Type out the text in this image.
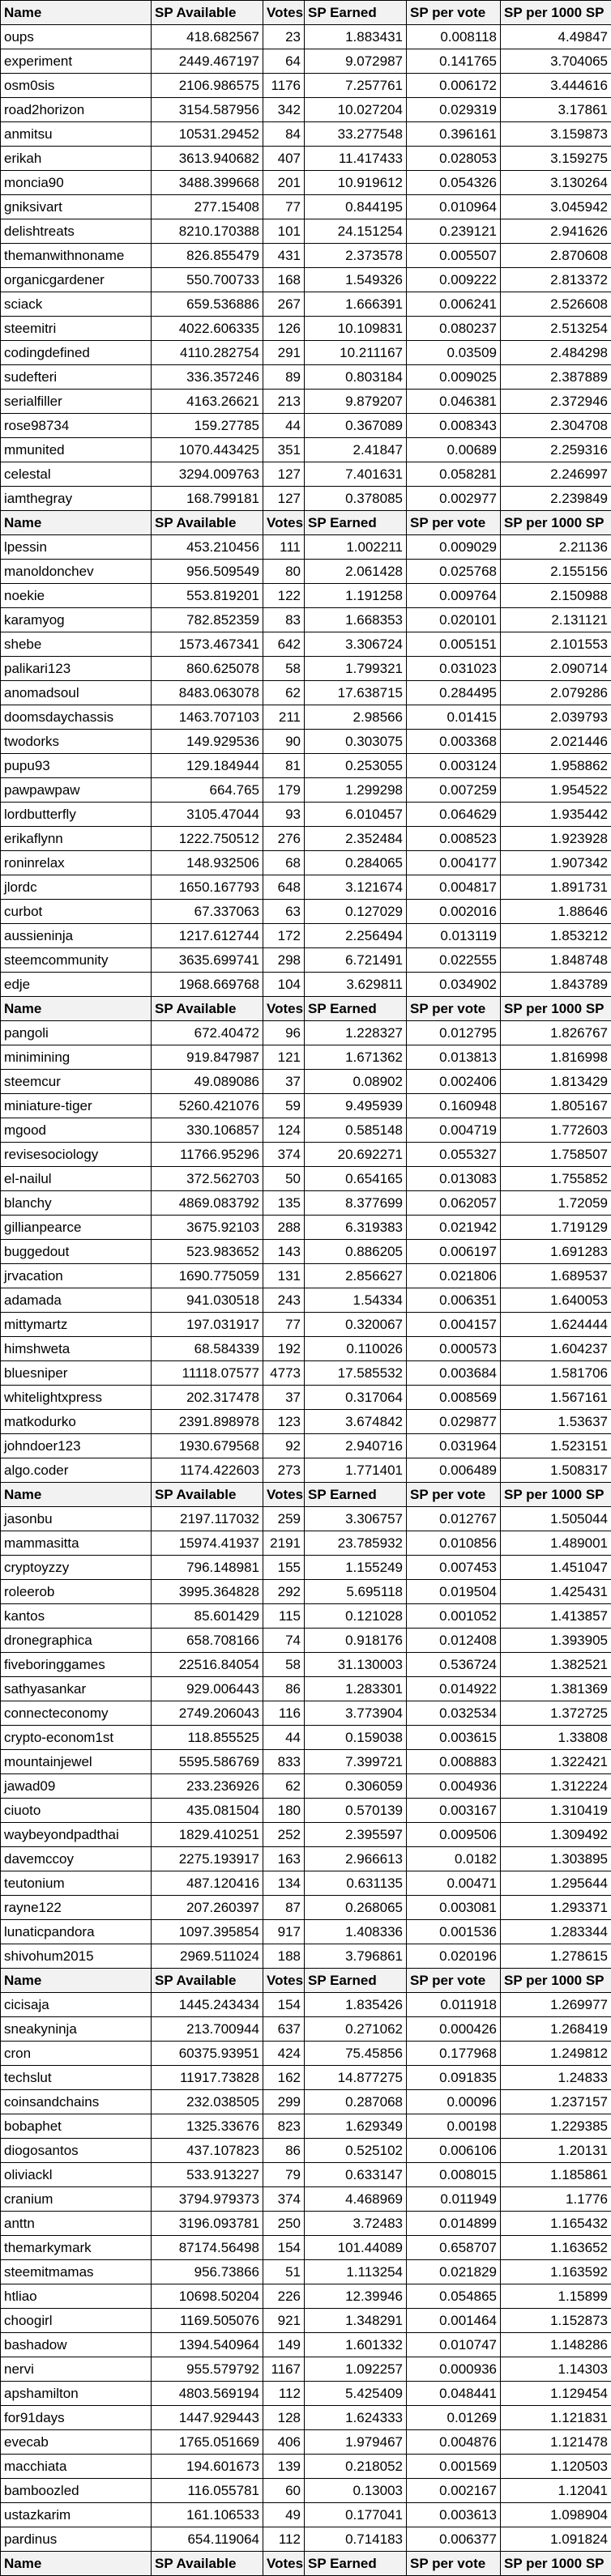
Name	SP Available	Votes	SP Earned	SP per vote	SP per 1000 SP
oups	418.682567	23	1.883431	0.008118	4.49847
experiment	2449.467197	64	9.072987	0.141765	3.704065
osm0sis	2106.986575	1176	7.257761	0.006172	3.444616
road2horizon	3154.587956	342	10.027204	0.029319	3.17861
anmitsu	10531.29452	84	33.277548	0.396161	3.159873
erikah	3613.940682	407	11.417433	0.028053	3.159275
moncia90	3488.399668	201	10.919612	0.054326	3.130264
gniksivart	277.15408	77	0.844195	0.010964	3.045942
delishtreats	8210.170388	101	24.151254	0.239121	2.941626
themanwithnoname	826.855479	431	2.373578	0.005507	2.870608
organicgardener	550.700733	168	1.549326	0.009222	2.813372
sciack	659.536886	267	1.666391	0.006241	2.526608
steemitri	4022.606335	126	10.109831	0.080237	2.513254
codingdefined	4110.282754	291	10.211167	0.03509	2.484298
sudefteri	336.357246	89	0.803184	0.009025	2.387889
serialfiller	4163.26621	213	9.879207	0.046381	2.372946
rose98734	159.27785	44	0.367089	0.008343	2.304708
mmunited	1070.443425	351	2.41847	0.00689	2.259316
celestal	3294.009763	127	7.401631	0.058281	2.246997
iamthegray	168.799181	127	0.378085	0.002977	2.239849
Name	SP Available	Votes	SP Earned	SP per vote	SP per 1000 SP
lpessin	453.210456	111	1.002211	0.009029	2.21136
manoldonchev	956.509549	80	2.061428	0.025768	2.155156
noekie	553.819201	122	1.191258	0.009764	2.150988
karamyog	782.852359	83	1.668353	0.020101	2.131121
shebe	1573.467341	642	3.306724	0.005151	2.101553
palikari123	860.625078	58	1.799321	0.031023	2.090714
anomadsoul	8483.063078	62	17.638715	0.284495	2.079286
doomsdaychassis	1463.707103	211	2.98566	0.01415	2.039793
twodorks	149.929536	90	0.303075	0.003368	2.021446
pupu93	129.184944	81	0.253055	0.003124	1.958862
pawpawpaw	664.765	179	1.299298	0.007259	1.954522
lordbutterfly	3105.47044	93	6.010457	0.064629	1.935442
erikaflynn	1222.750512	276	2.352484	0.008523	1.923928
roninrelax	148.932506	68	0.284065	0.004177	1.907342
jlordc	1650.167793	648	3.121674	0.004817	1.891731
curbot	67.337063	63	0.127029	0.002016	1.88646
aussieninja	1217.612744	172	2.256494	0.013119	1.853212
steemcommunity	3635.699741	298	6.721491	0.022555	1.848748
edje	1968.669768	104	3.629811	0.034902	1.843789
Name	SP Available	Votes	SP Earned	SP per vote	SP per 1000 SP
pangoli	672.40472	96	1.228327	0.012795	1.826767
minimining	919.847987	121	1.671362	0.013813	1.816998
steemcur	49.089086	37	0.08902	0.002406	1.813429
miniature-tiger	5260.421076	59	9.495939	0.160948	1.805167
mgood	330.106857	124	0.585148	0.004719	1.772603
revisesociology	11766.95296	374	20.692271	0.055327	1.758507
el-nailul	372.562703	50	0.654165	0.013083	1.755852
blanchy	4869.083792	135	8.377699	0.062057	1.72059
gillianpearce	3675.92103	288	6.319383	0.021942	1.719129
buggedout	523.983652	143	0.886205	0.006197	1.691283
jrvacation	1690.775059	131	2.856627	0.021806	1.689537
adamada	941.030518	243	1.54334	0.006351	1.640053
mittymartz	197.031917	77	0.320067	0.004157	1.624444
himshweta	68.584339	192	0.110026	0.000573	1.604237
bluesniper	11118.07577	4773	17.585532	0.003684	1.581706
whitelightxpress	202.317478	37	0.317064	0.008569	1.567161
matkodurko	2391.898978	123	3.674842	0.029877	1.53637
johndoer123	1930.679568	92	2.940716	0.031964	1.523151
algo.coder	1174.422603	273	1.771401	0.006489	1.508317
Name	SP Available	Votes	SP Earned	SP per vote	SP per 1000 SP
jasonbu	2197.117032	259	3.306757	0.012767	1.505044
mammasitta	15974.41937	2191	23.785932	0.010856	1.489001
cryptoyzzy	796.148981	155	1.155249	0.007453	1.451047
roleerob	3995.364828	292	5.695118	0.019504	1.425431
kantos	85.601429	115	0.121028	0.001052	1.413857
dronegraphica	658.708166	74	0.918176	0.012408	1.393905
fiveboringgames	22516.84054	58	31.130003	0.536724	1.382521
sathyasankar	929.006443	86	1.283301	0.014922	1.381369
connecteconomy	2749.206043	116	3.773904	0.032534	1.372725
crypto-econom1st	118.855525	44	0.159038	0.003615	1.33808
mountainjewel	5595.586769	833	7.399721	0.008883	1.322421
jawad09	233.236926	62	0.306059	0.004936	1.312224
ciuoto	435.081504	180	0.570139	0.003167	1.310419
waybeyondpadthai	1829.410251	252	2.395597	0.009506	1.309492
davemccoy	2275.193917	163	2.966613	0.0182	1.303895
teutonium	487.120416	134	0.631135	0.00471	1.295644
rayne122	207.260397	87	0.268065	0.003081	1.293371
lunaticpandora	1097.395854	917	1.408336	0.001536	1.283344
shivohum2015	2969.511024	188	3.796861	0.020196	1.278615
Name	SP Available	Votes	SP Earned	SP per vote	SP per 1000 SP
cicisaja	1445.243434	154	1.835426	0.011918	1.269977
sneakyninja	213.700944	637	0.271062	0.000426	1.268419
cron	60375.93951	424	75.45856	0.177968	1.249812
techslut	11917.73828	162	14.877275	0.091835	1.24833
coinsandchains	232.038505	299	0.287068	0.00096	1.237157
bobaphet	1325.33676	823	1.629349	0.00198	1.229385
diogosantos	437.107823	86	0.525102	0.006106	1.20131
oliviackl	533.913227	79	0.633147	0.008015	1.185861
cranium	3794.979373	374	4.468969	0.011949	1.1776
anttn	3196.093781	250	3.72483	0.014899	1.165432
themarkymark	87174.56498	154	101.44089	0.658707	1.163652
steemitmamas	956.73866	51	1.113254	0.021829	1.163592
htliao	10698.50204	226	12.39946	0.054865	1.15899
choogirl	1169.505076	921	1.348291	0.001464	1.152873
bashadow	1394.540964	149	1.601332	0.010747	1.148286
nervi	955.579792	1167	1.092257	0.000936	1.14303
apshamilton	4803.569194	112	5.425409	0.048441	1.129454
for91days	1447.929443	128	1.624333	0.01269	1.121831
evecab	1765.051669	406	1.979467	0.004876	1.121478
macchiata	194.601673	139	0.218052	0.001569	1.120503
bamboozled	116.055781	60	0.13003	0.002167	1.12041
ustazkarim	161.106533	49	0.177041	0.003613	1.098904
pardinus	654.119064	112	0.714183	0.006377	1.091824
Name	SP Available	Votes	SP Earned	SP per vote	SP per 1000 SP
